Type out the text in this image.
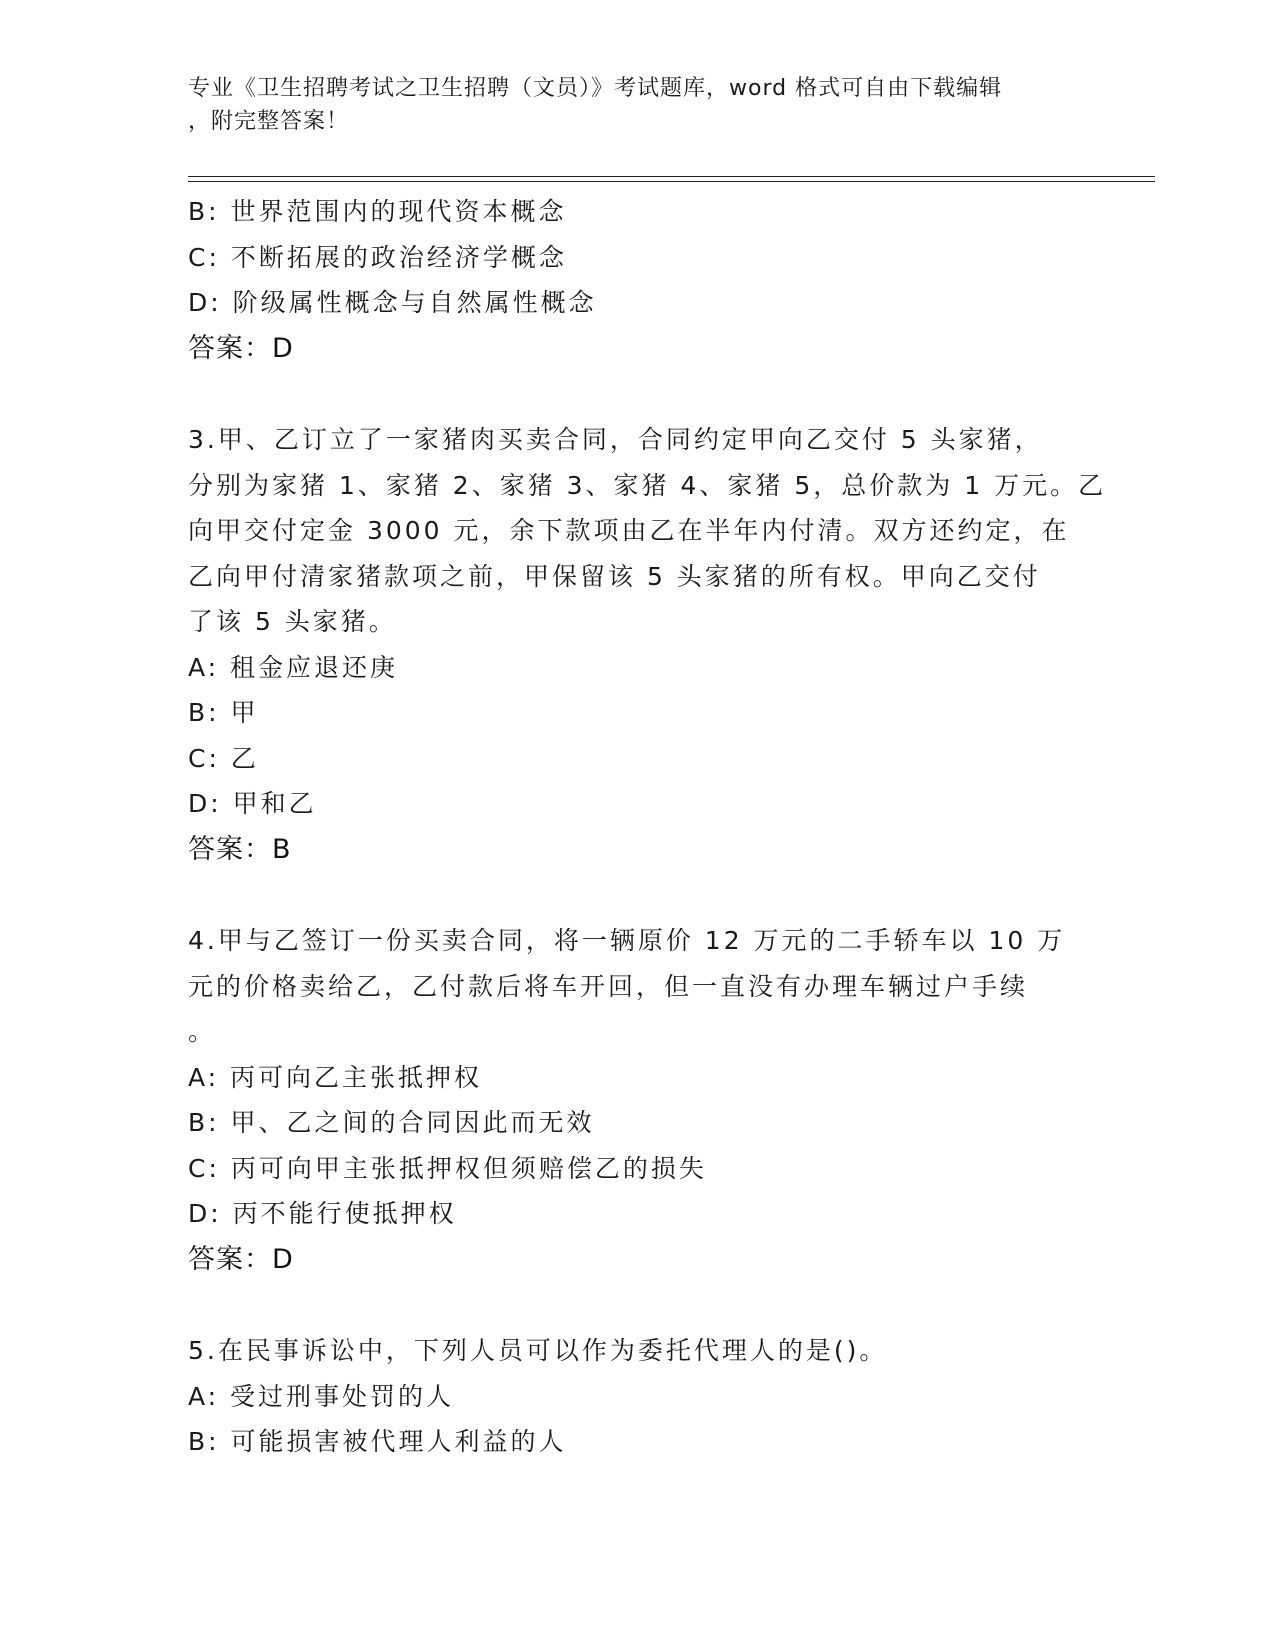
专业《卫生招聘考试之卫生招聘（文员）》考试题库，word 格式可自由下载编辑
，附完整答案！
B: 世界范围内的现代资本概念
C: 不断拓展的政治经济学概念
D: 阶级属性概念与自然属性概念
答案：D
3.甲、乙订立了一家猪肉买卖合同，合同约定甲向乙交付 5 头家猪，
分别为家猪 1、家猪 2、家猪 3、家猪 4、家猪 5，总价款为 1 万元。乙
向甲交付定金 3000 元，余下款项由乙在半年内付清。双方还约定，在
乙向甲付清家猪款项之前，甲保留该 5 头家猪的所有权。甲向乙交付
了该 5 头家猪。
A: 租金应退还庚
B: 甲
C: 乙
D: 甲和乙
答案：B
4.甲与乙签订一份买卖合同，将一辆原价 12 万元的二手轿车以 10 万
元的价格卖给乙，乙付款后将车开回，但一直没有办理车辆过户手续
。
A: 丙可向乙主张抵押权
B: 甲、乙之间的合同因此而无效
C: 丙可向甲主张抵押权但须赔偿乙的损失
D: 丙不能行使抵押权
答案：D
5.在民事诉讼中，下列人员可以作为委托代理人的是()。
A: 受过刑事处罚的人
B: 可能损害被代理人利益的人
